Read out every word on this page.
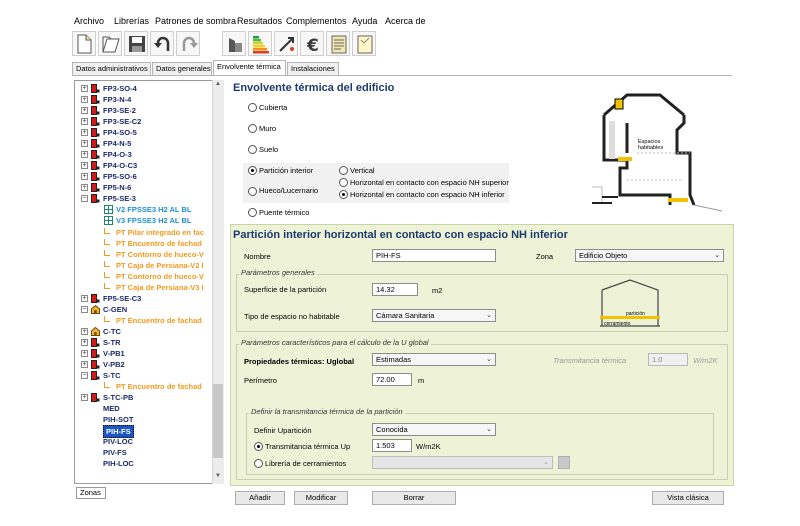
Archivo Librerías Patrones de sombra Resultados Complementos Ayuda Acerca de
€
Datos administrativos	Datos generales Envolvente térmica	Instalaciones
+ FP3-SO-4
+ FP3-N-4
+ FP3-SE-2
+ FP3-SE-C2
+ FP4-SO-5
+ FP4-N-5
+ FP4-O-3
+ FP4-O-C3
+ FP5-SO-6
+ FP5-N-6
− FP5-SE-3
V2 FPSSE3 H2 AL BL
V3 FPSSE3 H2 AL BL
PT Pilar integrado en fac
PT Encuentro de fachad
PT Contorno de hueco-V
PT Caja de Persiana-V2 I
PT Contorno de hueco-V
PT Caja de Persiana-V3 I
+ FP5-SE-C3
− C-GEN
PT Encuentro de fachad
+ C-TC
+ S-TR
+ V-PB1
+ V-PB2
− S-TC
PT Encuentro de fachad
+ S-TC-PB
MED
PIH-SOT
PIH-FS
PIV-LOC
PIV-FS
PIH-LOC
▲
▼
Zonas
Envolvente térmica del edificio
Cubierta
Muro
Suelo
Partición interior
Hueco/Lucernario
Puente térmico
Vertical
Horizontal en contacto con espacio NH superior
Horizontal en contacto con espacio NH inferior
Espacios
habitables
Partición interior horizontal en contacto con espacio NH inferior
Nombre	PIH-FS	Zona	Edificio Objeto	⌄
Parámetros generales
Superficie de la partición	14.32	m2
Tipo de espacio no habitable	Cámara Sanitaria	⌄	partición
cerramiento
Parámetros característicos para el cálculo de la U global
Propiedades térmicas: Uglobal	Estimadas	⌄	Transmitancia térmica	1.0	W/m2K
Perímetro	72.00	m
Definir la transmitancia térmica de la partición
Definir Upartición	Conocida	⌄
Transmitancia térmica Up	1.503	W/m2K
Librería de cerramientos	⌄
Añadir	Modificar	Borrar	Vista clásica
